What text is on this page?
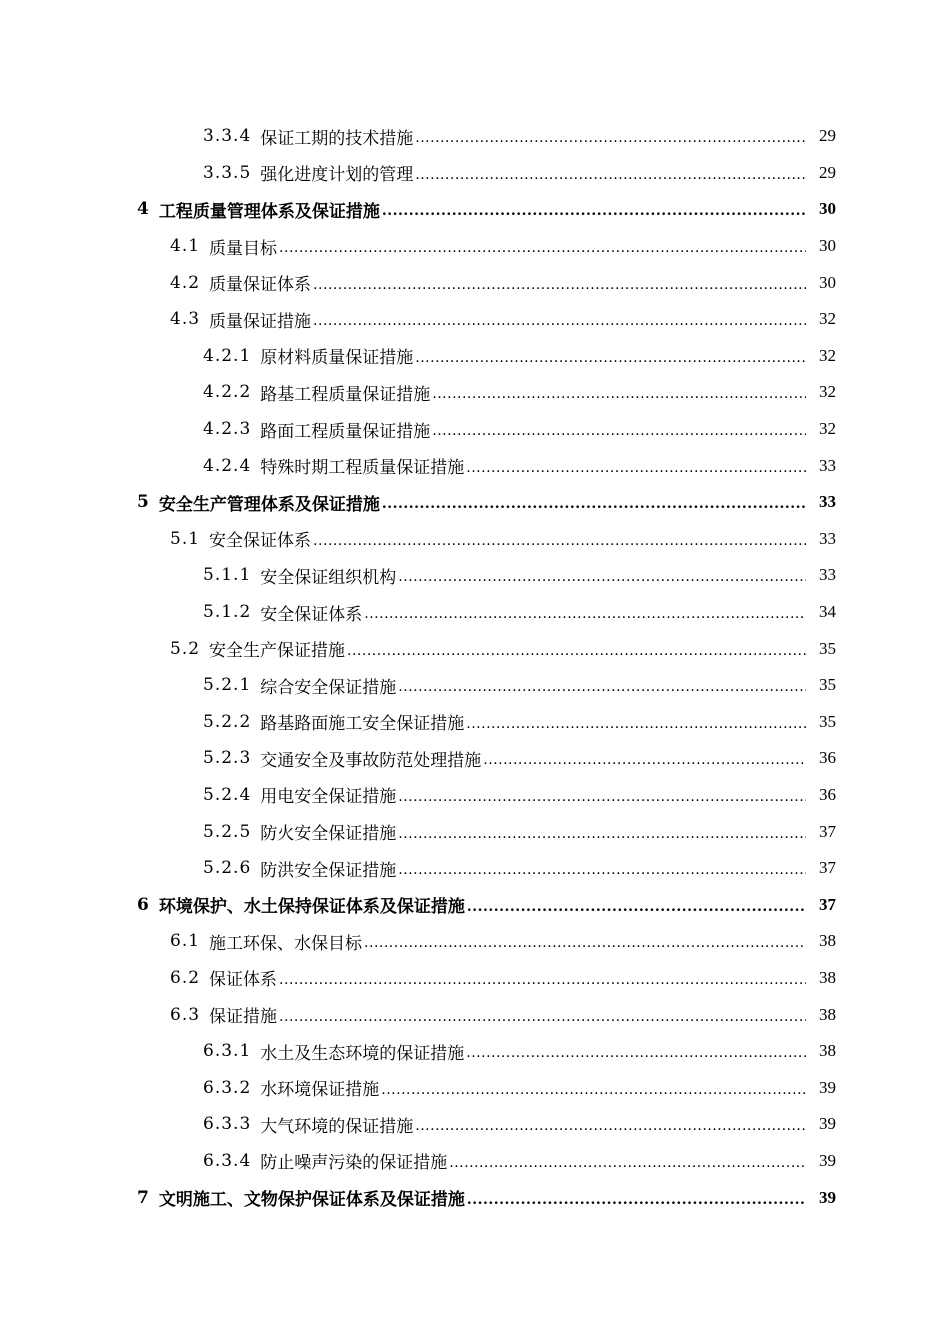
3.3.4 保证工期的技术措施 .....	29
3.3.5 强化进度计划的管理 .....	29
4 工程质量管理体系及保证措施 .....	30
4.1 质量目标 .....	30
4.2 质量保证体系 .....	30
4.3 质量保证措施 .....	32
4.2.1 原材料质量保证措施 .....	32
4.2.2 路基工程质量保证措施 .....	32
4.2.3 路面工程质量保证措施 .....	32
4.2.4 特殊时期工程质量保证措施 .....	33
5 安全生产管理体系及保证措施 .....	33
5.1 安全保证体系 .....	33
5.1.1 安全保证组织机构 .....	33
5.1.2 安全保证体系 .....	34
5.2 安全生产保证措施 .....	35
5.2.1 综合安全保证措施 .....	35
5.2.2 路基路面施工安全保证措施 .....	35
5.2.3 交通安全及事故防范处理措施 .....	36
5.2.4 用电安全保证措施 .....	36
5.2.5 防火安全保证措施 .....	37
5.2.6 防洪安全保证措施 .....	37
6 环境保护、水土保持保证体系及保证措施 .....	37
6.1 施工环保、水保目标 .....	38
6.2 保证体系 .....	38
6.3 保证措施 .....	38
6.3.1 水土及生态环境的保证措施 .....	38
6.3.2 水环境保证措施 .....	39
6.3.3 大气环境的保证措施 .....	39
6.3.4 防止噪声污染的保证措施 .....	39
7 文明施工、文物保护保证体系及保证措施 .....	39
